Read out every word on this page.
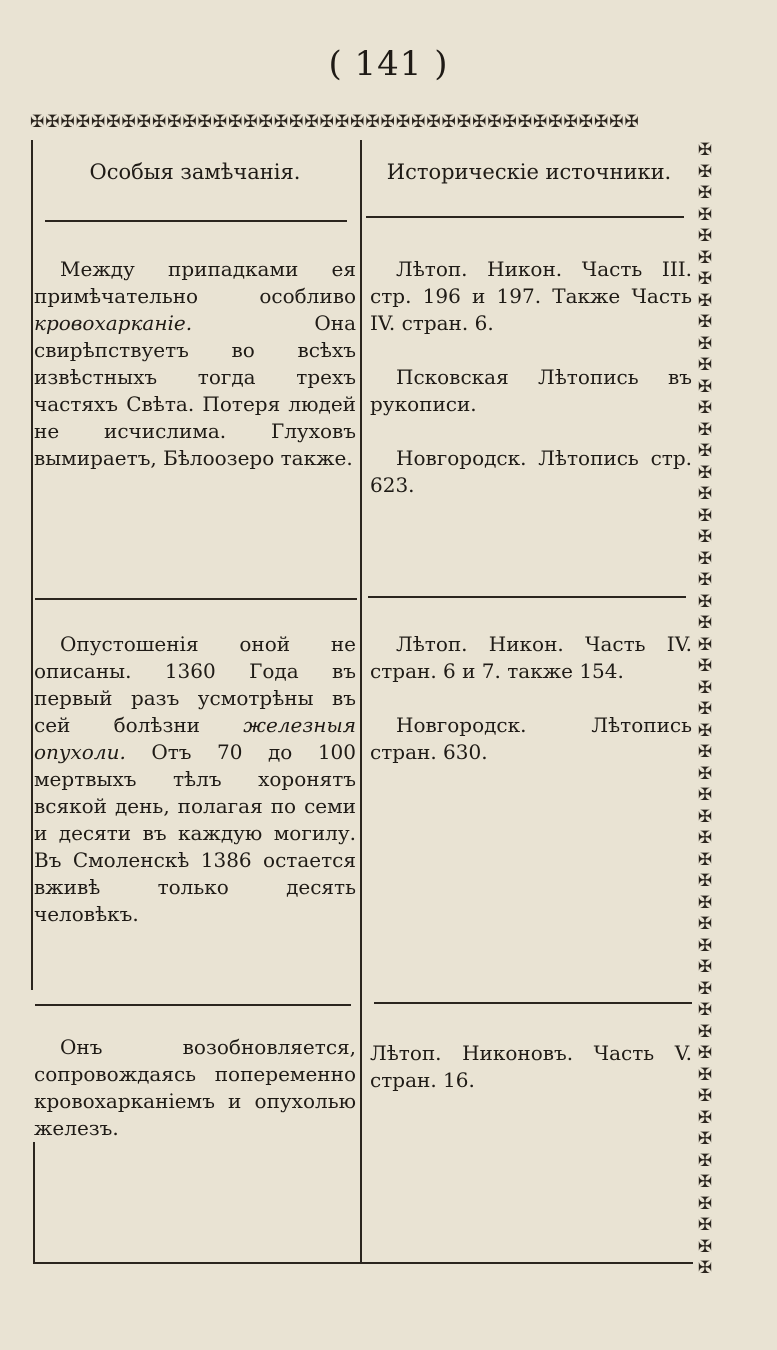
( 141 )
✠✠✠✠✠✠✠✠✠✠✠✠✠✠✠✠✠✠✠✠✠✠✠✠✠✠✠✠✠✠✠✠✠✠✠✠✠✠✠✠
✠✠✠✠✠✠✠✠✠✠✠✠✠✠✠✠✠✠✠✠✠✠✠✠✠✠✠✠✠✠✠✠✠✠✠✠✠✠✠✠✠✠✠✠✠✠✠✠✠✠✠✠✠
Особыя замѣчанія.	Историческіе источники.

Между припадками ея примѣчательно особливо кровохарканіе. Она свирѣпствуетъ во всѣхъ извѣстныхъ тогда трехъ частяхъ Свѣта. Потеря людей не исчислима. Глуховъ вымираетъ, Бѣлоозеро также.

Лѣтоп. Никон. Часть III. стр. 196 и 197. Также Часть IV. стран. 6.

Псковская Лѣтопись въ рукописи.

Новгородск. Лѣтопись стр. 623.

Опустошенія оной не описаны. 1360 Года въ первый разъ усмотрѣны въ сей болѣзни железныя опухоли. Отъ 70 до 100 мертвыхъ тѣлъ хоронятъ всякой день, полагая по семи и десяти въ каждую могилу. Въ Смоленскѣ 1386 остается вживѣ только десять человѣкъ.

Лѣтоп. Никон. Часть IV. стран. 6 и 7. также 154.

Новгородск. Лѣтопись стран. 630.

Онъ возобновляется, сопровождаясь попеременно кровохарканіемъ и опухолью железъ.

Лѣтоп. Никоновъ. Часть V. стран. 16.
